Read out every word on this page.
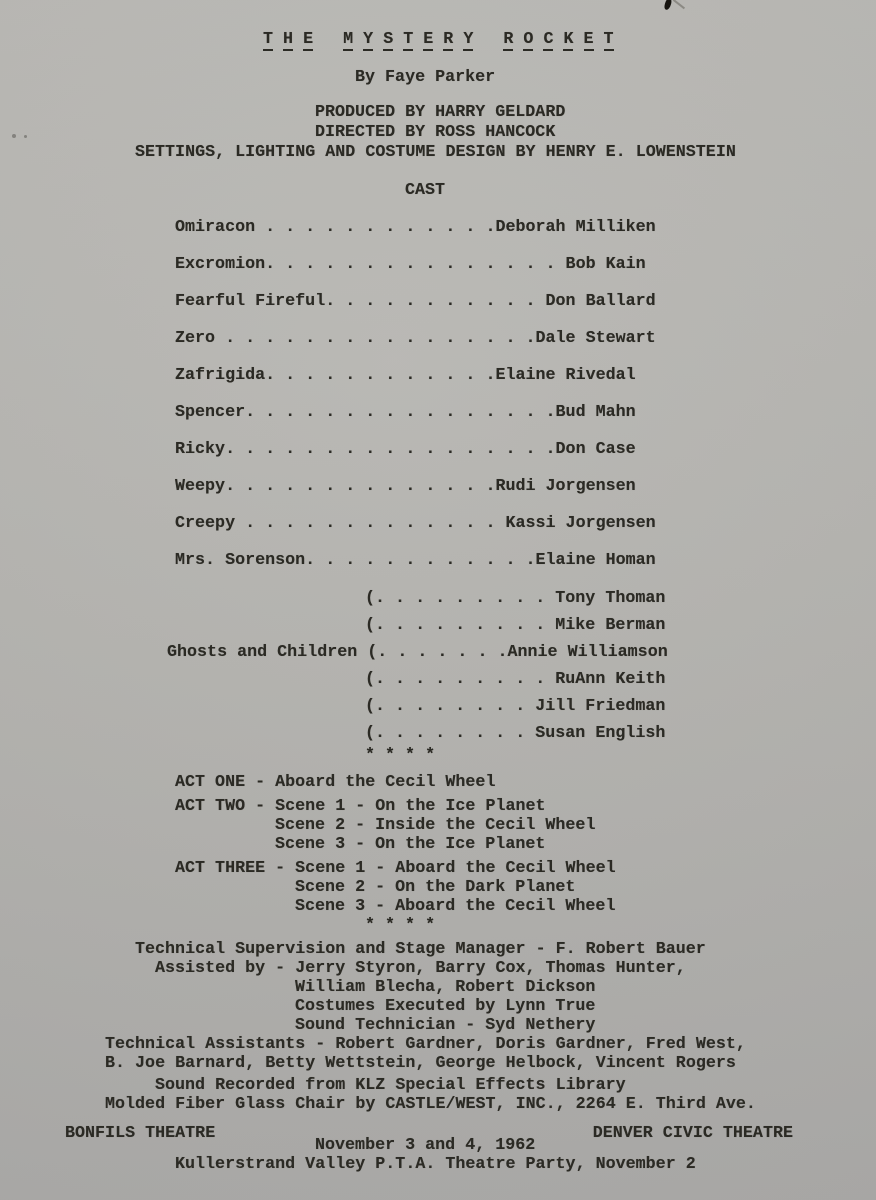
T H E M Y S T E R Y R O C K E T
By Faye Parker
PRODUCED BY HARRY GELDARD
DIRECTED BY ROSS HANCOCK
SETTINGS, LIGHTING AND COSTUME DESIGN BY HENRY E. LOWENSTEIN
CAST
Omiracon . . . . . . . . . . . .Deborah Milliken
Excromion. . . . . . . . . . . . . . . Bob Kain
Fearful Fireful. . . . . . . . . . . Don Ballard
Zero . . . . . . . . . . . . . . . .Dale Stewart
Zafrigida. . . . . . . . . . . .Elaine Rivedal
Spencer. . . . . . . . . . . . . . . .Bud Mahn
Ricky. . . . . . . . . . . . . . . . .Don Case
Weepy. . . . . . . . . . . . . .Rudi Jorgensen
Creepy . . . . . . . . . . . . . Kassi Jorgensen
Mrs. Sorenson. . . . . . . . . . . .Elaine Homan
(. . . . . . . . . Tony Thoman
(. . . . . . . . . Mike Berman
Ghosts and Children (. . . . . . .Annie Williamson
(. . . . . . . . . RuAnn Keith
(. . . . . . . . Jill Friedman
(. . . . . . . . Susan English
* * * *
ACT ONE - Aboard the Cecil Wheel
ACT TWO - Scene 1 - On the Ice Planet
Scene 2 - Inside the Cecil Wheel
Scene 3 - On the Ice Planet
ACT THREE - Scene 1 - Aboard the Cecil Wheel
Scene 2 - On the Dark Planet
Scene 3 - Aboard the Cecil Wheel
* * * *
Technical Supervision and Stage Manager - F. Robert Bauer
Assisted by - Jerry Styron, Barry Cox, Thomas Hunter,
William Blecha, Robert Dickson
Costumes Executed by Lynn True
Sound Technician - Syd Nethery
Technical Assistants - Robert Gardner, Doris Gardner, Fred West,
B. Joe Barnard, Betty Wettstein, George Helbock, Vincent Rogers
Sound Recorded from KLZ Special Effects Library
Molded Fiber Glass Chair by CASTLE/WEST, INC., 2264 E. Third Ave.
BONFILS THEATRE	DENVER CIVIC THEATRE
November 3 and 4, 1962
Kullerstrand Valley P.T.A. Theatre Party, November 2
